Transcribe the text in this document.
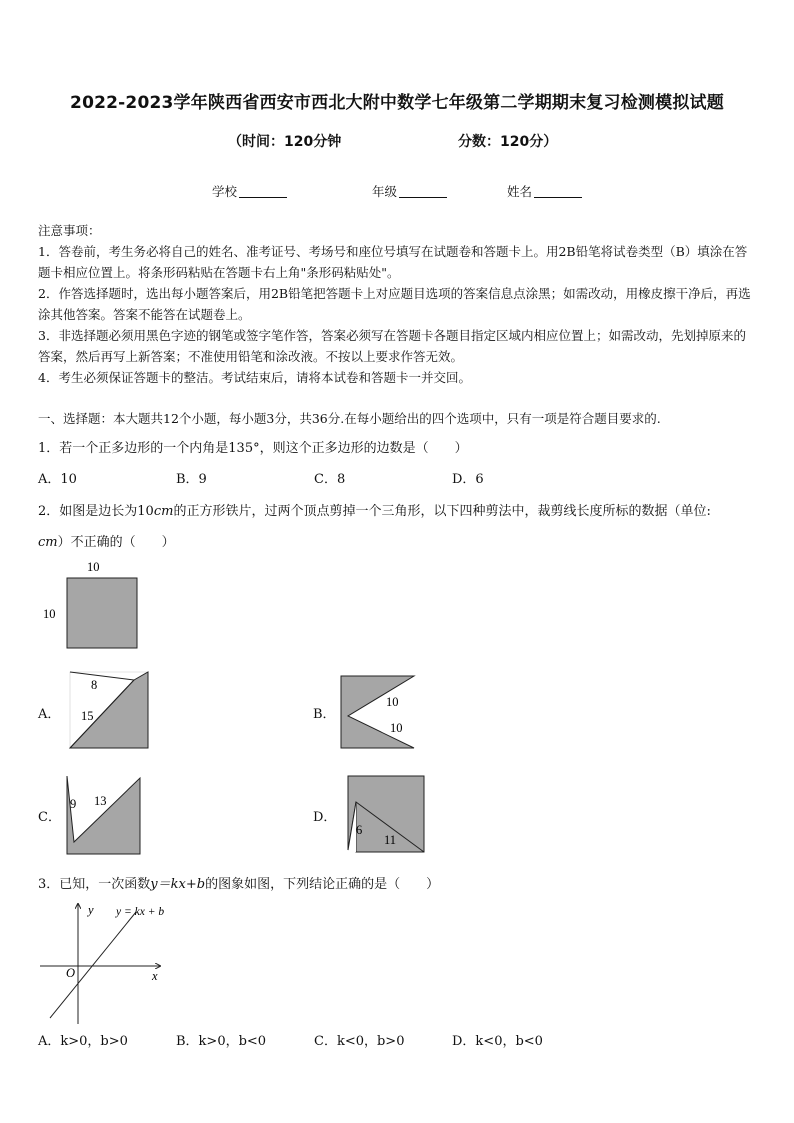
2022-2023学年陕西省西安市西北大附中数学七年级第二学期期末复习检测模拟试题
（时间：120分钟	分数：120分）
学校	年级	姓名
注意事项：
1．答卷前，考生务必将自己的姓名、准考证号、考场号和座位号填写在试题卷和答题卡上。用2B铅笔将试卷类型（B）填涂在答题卡相应位置上。将条形码粘贴在答题卡右上角"条形码粘贴处"。
2．作答选择题时，选出每小题答案后，用2B铅笔把答题卡上对应题目选项的答案信息点涂黑；如需改动，用橡皮擦干净后，再选涂其他答案。答案不能答在试题卷上。
3．非选择题必须用黑色字迹的钢笔或签字笔作答，答案必须写在答题卡各题目指定区域内相应位置上；如需改动，先划掉原来的答案，然后再写上新答案；不准使用铅笔和涂改液。不按以上要求作答无效。
4．考生必须保证答题卡的整洁。考试结束后，请将本试卷和答题卡一并交回。
一、选择题：本大题共12个小题，每小题3分，共36分.在每小题给出的四个选项中，只有一项是符合题目要求的.
1．若一个正多边形的一个内角是135°，则这个正多边形的边数是（　　）
A．10	B．9	C．8	D．6
2．如图是边长为10cm的正方形铁片，过两个顶点剪掉一个三角形，以下四种剪法中，裁剪线长度所标的数据（单位:
cm）不正确的（　　）
10
10
A．
8
15	B．
10
10
C．
9 13
D．
6
11
3．已知，一次函数y＝kx+b的图象如图，下列结论正确的是（　　）
y
x
O
y = kx + b
A．k>0，b>0	B．k>0，b<0	C．k<0，b>0	D．k<0，b<0
